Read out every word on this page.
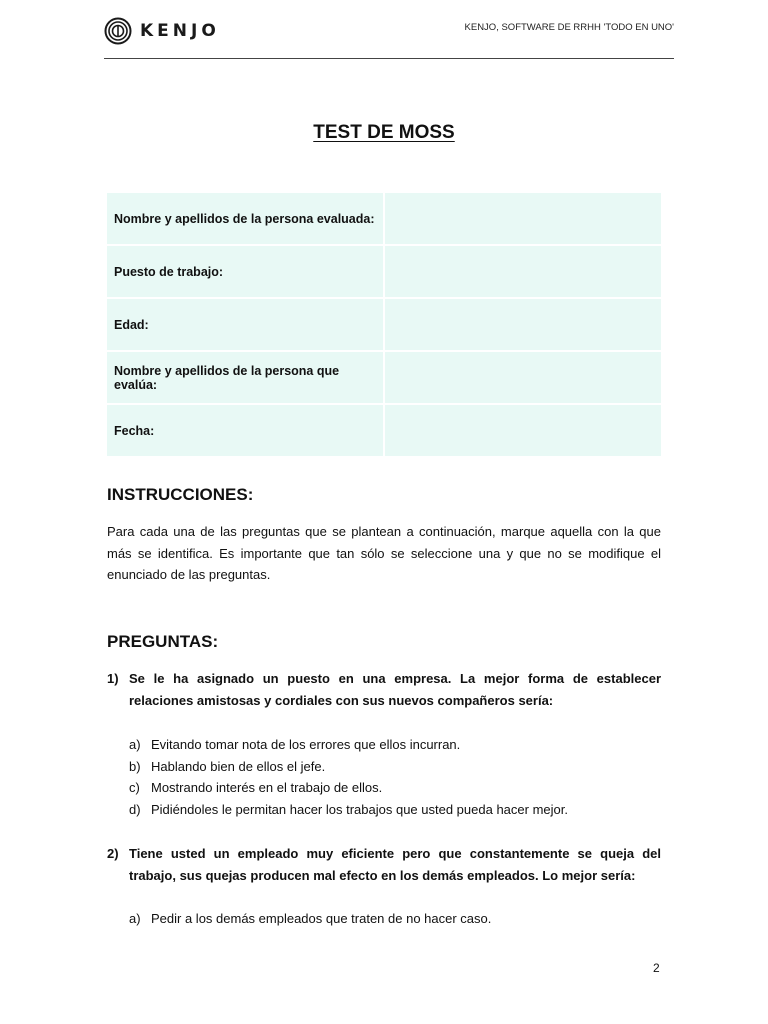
KENJO	KENJO, SOFTWARE DE RRHH 'TODO EN UNO'
TEST DE MOSS
Nombre y apellidos de la persona evaluada:	
Puesto de trabajo:	
Edad:	
Nombre y apellidos de la persona que evalúa:	
Fecha:	
INSTRUCCIONES:
Para cada una de las preguntas que se plantean a continuación, marque aquella con la que más se identifica. Es importante que tan sólo se seleccione una y que no se modifique el enunciado de las preguntas.
PREGUNTAS:
1) Se le ha asignado un puesto en una empresa. La mejor forma de establecer relaciones amistosas y cordiales con sus nuevos compañeros sería:
a) Evitando tomar nota de los errores que ellos incurran.
b) Hablando bien de ellos el jefe.
c) Mostrando interés en el trabajo de ellos.
d) Pidiéndoles le permitan hacer los trabajos que usted pueda hacer mejor.
2) Tiene usted un empleado muy eficiente pero que constantemente se queja del trabajo, sus quejas producen mal efecto en los demás empleados. Lo mejor sería:
a) Pedir a los demás empleados que traten de no hacer caso.
2
